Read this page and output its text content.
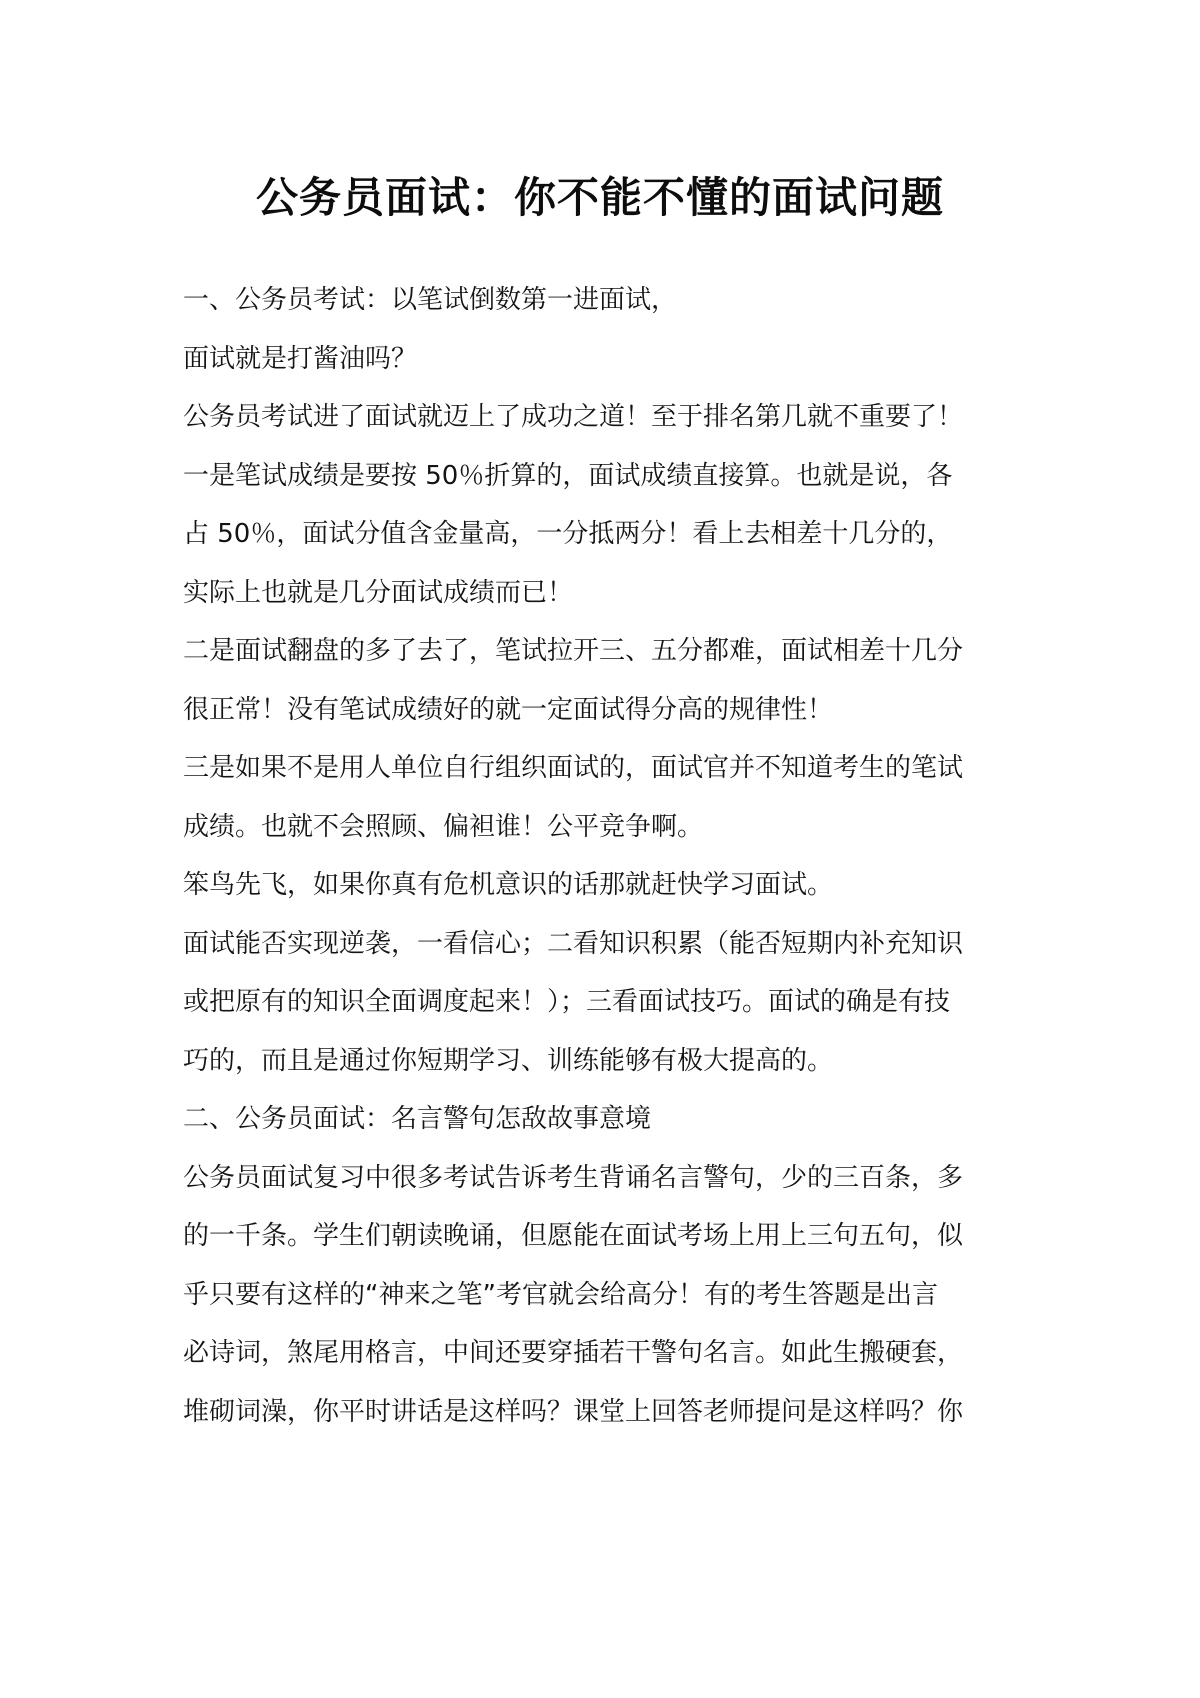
公务员面试：你不能不懂的面试问题
一、公务员考试：以笔试倒数第一进面试，
面试就是打酱油吗？
公务员考试进了面试就迈上了成功之道！至于排名第几就不重要了！
一是笔试成绩是要按 50％折算的，面试成绩直接算。也就是说，各
占 50％，面试分值含金量高，一分抵两分！看上去相差十几分的，
实际上也就是几分面试成绩而已！
二是面试翻盘的多了去了，笔试拉开三、五分都难，面试相差十几分
很正常！没有笔试成绩好的就一定面试得分高的规律性！
三是如果不是用人单位自行组织面试的，面试官并不知道考生的笔试
成绩。也就不会照顾、偏袒谁！公平竞争啊。
笨鸟先飞，如果你真有危机意识的话那就赶快学习面试。
面试能否实现逆袭，一看信心；二看知识积累（能否短期内补充知识
或把原有的知识全面调度起来！）；三看面试技巧。面试的确是有技
巧的，而且是通过你短期学习、训练能够有极大提高的。
二、公务员面试：名言警句怎敌故事意境
公务员面试复习中很多考试告诉考生背诵名言警句，少的三百条，多
的一千条。学生们朝读晚诵，但愿能在面试考场上用上三句五句，似
乎只要有这样的“神来之笔”考官就会给高分！有的考生答题是出言
必诗词，煞尾用格言，中间还要穿插若干警句名言。如此生搬硬套，
堆砌词澡，你平时讲话是这样吗？课堂上回答老师提问是这样吗？你
